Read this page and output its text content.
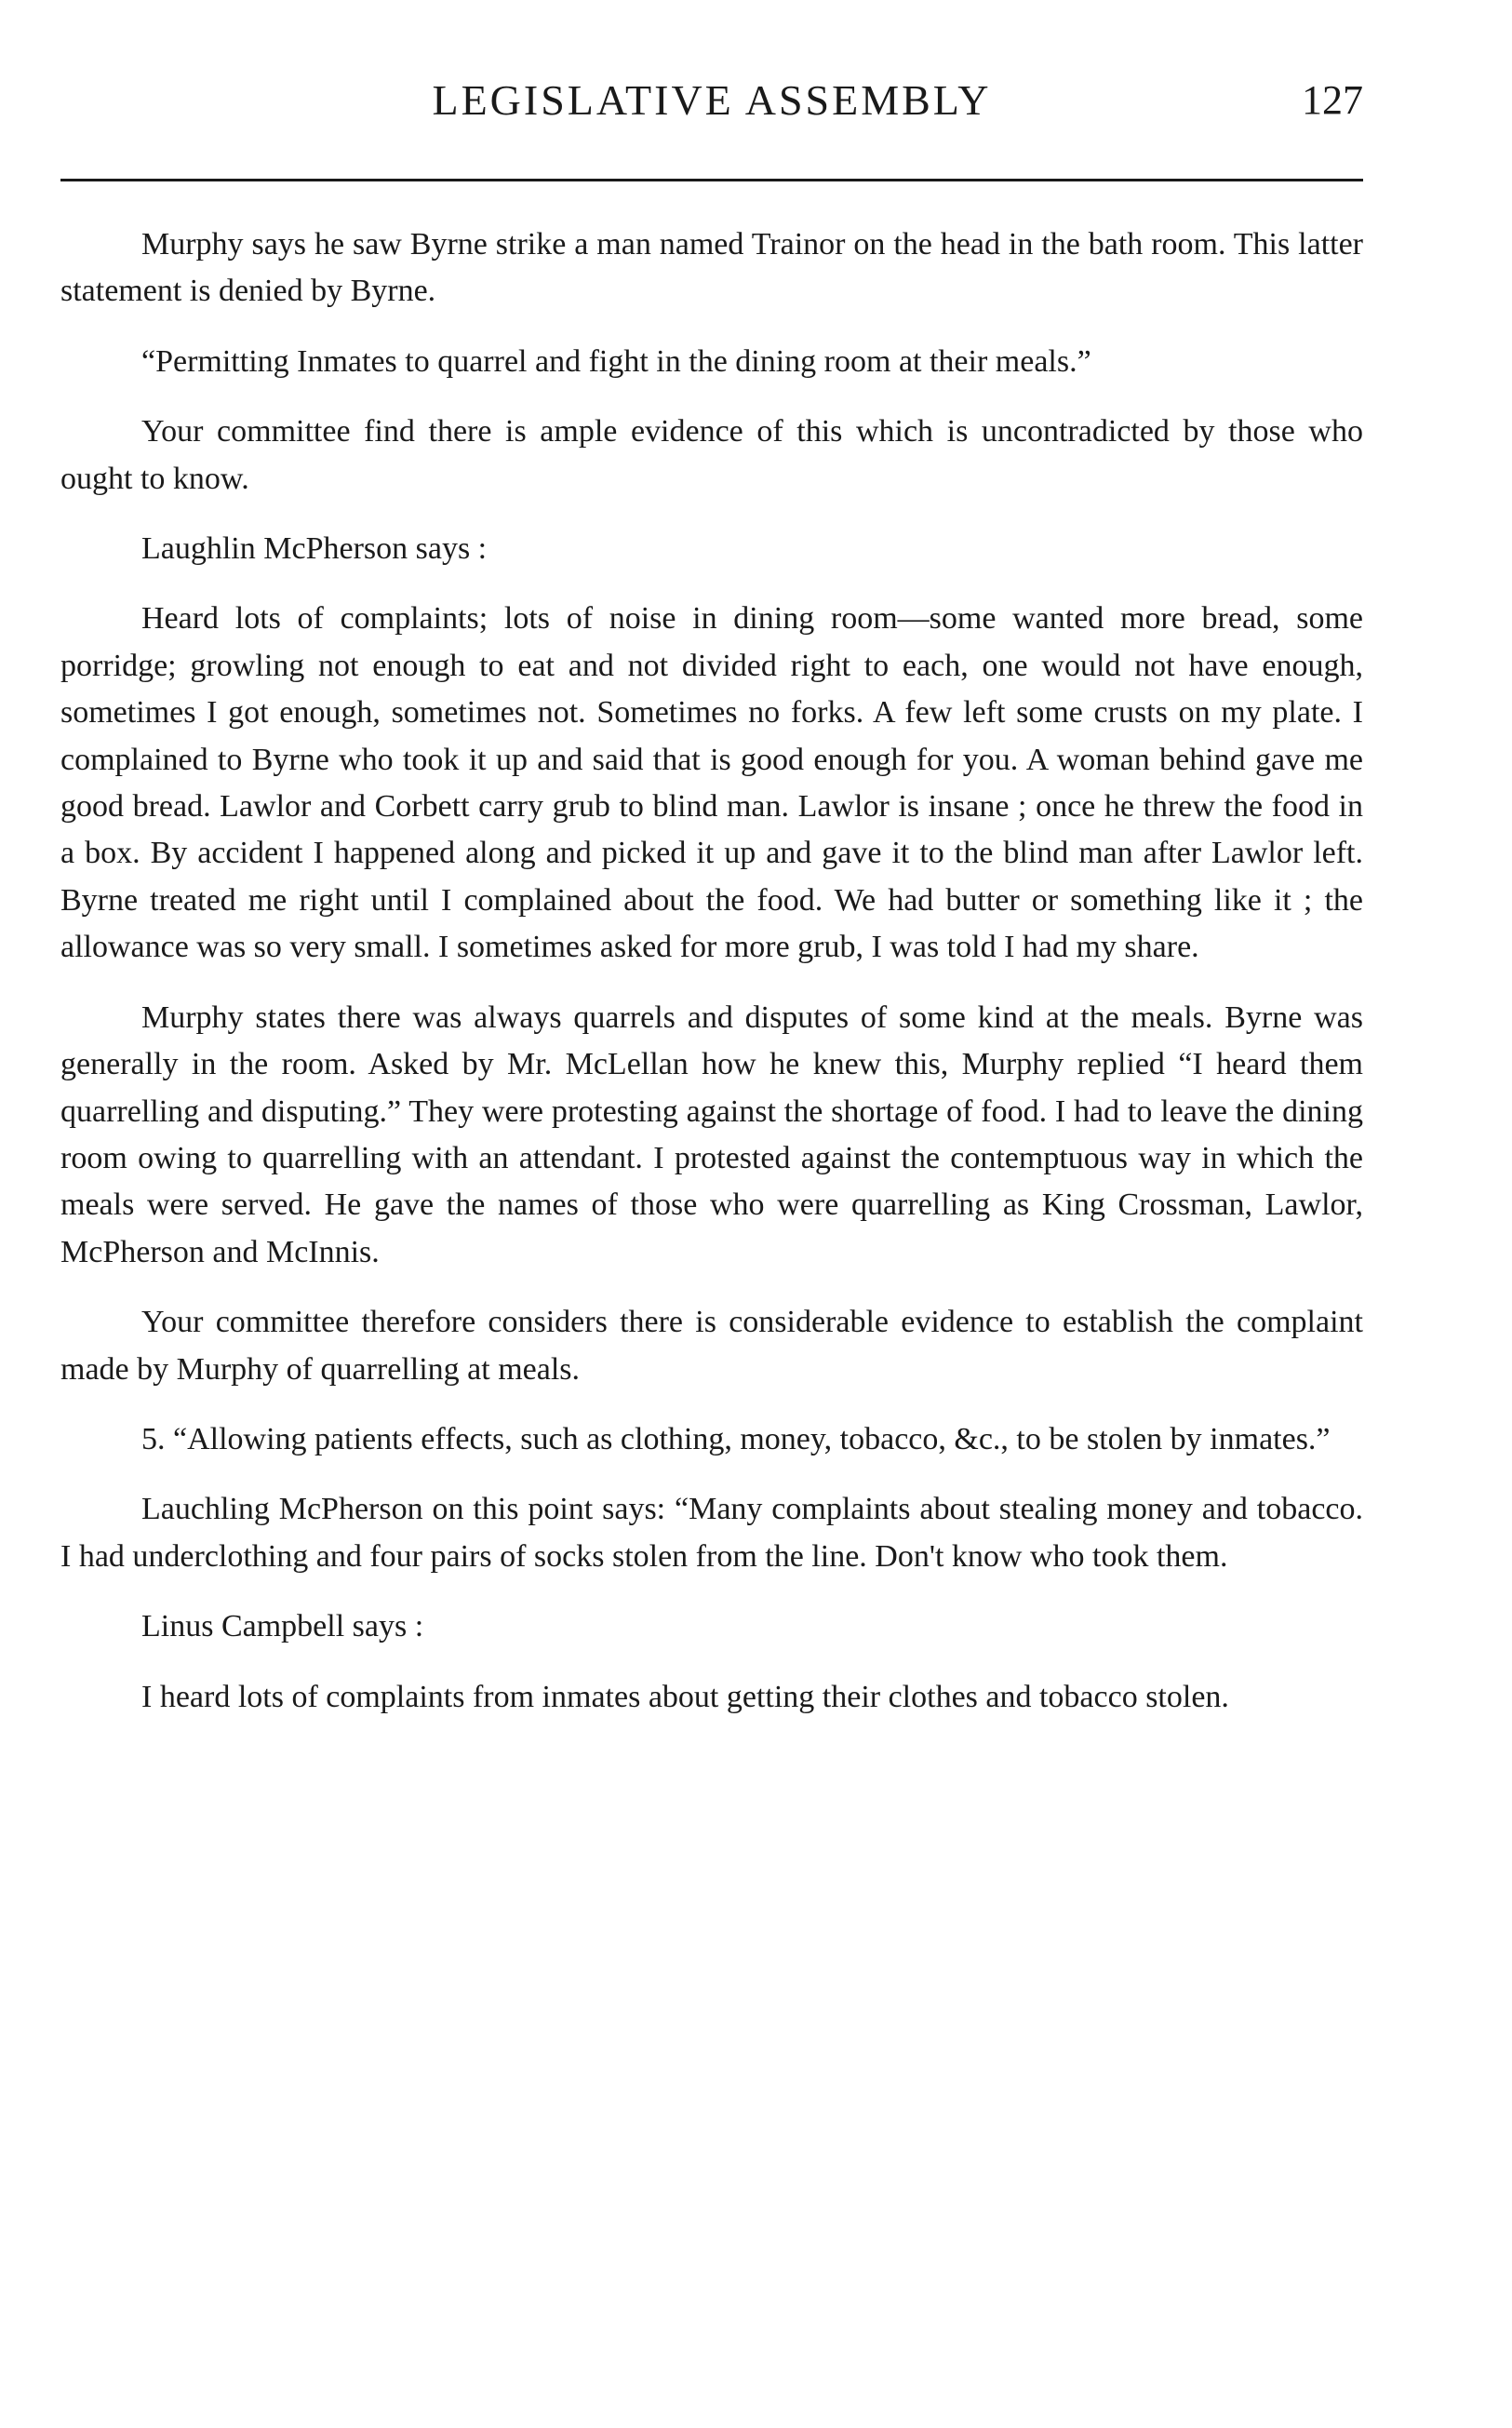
LEGISLATIVE ASSEMBLY	127

Murphy says he saw Byrne strike a man named Trainor on the head in the bath room. This latter statement is denied by Byrne.

“Permitting Inmates to quarrel and fight in the dining room at their meals.”

Your committee find there is ample evidence of this which is uncontradicted by those who ought to know.

Laughlin McPherson says :

Heard lots of complaints; lots of noise in dining room—some wanted more bread, some porridge; growling not enough to eat and not divided right to each, one would not have enough, sometimes I got enough, sometimes not. Sometimes no forks. A few left some crusts on my plate. I complained to Byrne who took it up and said that is good enough for you. A woman behind gave me good bread. Lawlor and Corbett carry grub to blind man. Lawlor is insane ; once he threw the food in a box. By accident I happened along and picked it up and gave it to the blind man after Lawlor left. Byrne treated me right until I complained about the food. We had butter or something like it ; the allowance was so very small. I sometimes asked for more grub, I was told I had my share.

Murphy states there was always quarrels and disputes of some kind at the meals. Byrne was generally in the room. Asked by Mr. McLellan how he knew this, Murphy replied “I heard them quarrelling and disputing.” They were protesting against the shortage of food. I had to leave the dining room owing to quarrelling with an attendant. I protested against the contemptuous way in which the meals were served. He gave the names of those who were quarrelling as King Crossman, Lawlor, McPherson and McInnis.

Your committee therefore considers there is considerable evidence to establish the complaint made by Murphy of quarrelling at meals.

5. “Allowing patients effects, such as clothing, money, tobacco, &c., to be stolen by inmates.”

Lauchling McPherson on this point says: “Many complaints about stealing money and tobacco. I had underclothing and four pairs of socks stolen from the line. Don't know who took them.

Linus Campbell says :

I heard lots of complaints from inmates about getting their clothes and tobacco stolen.
